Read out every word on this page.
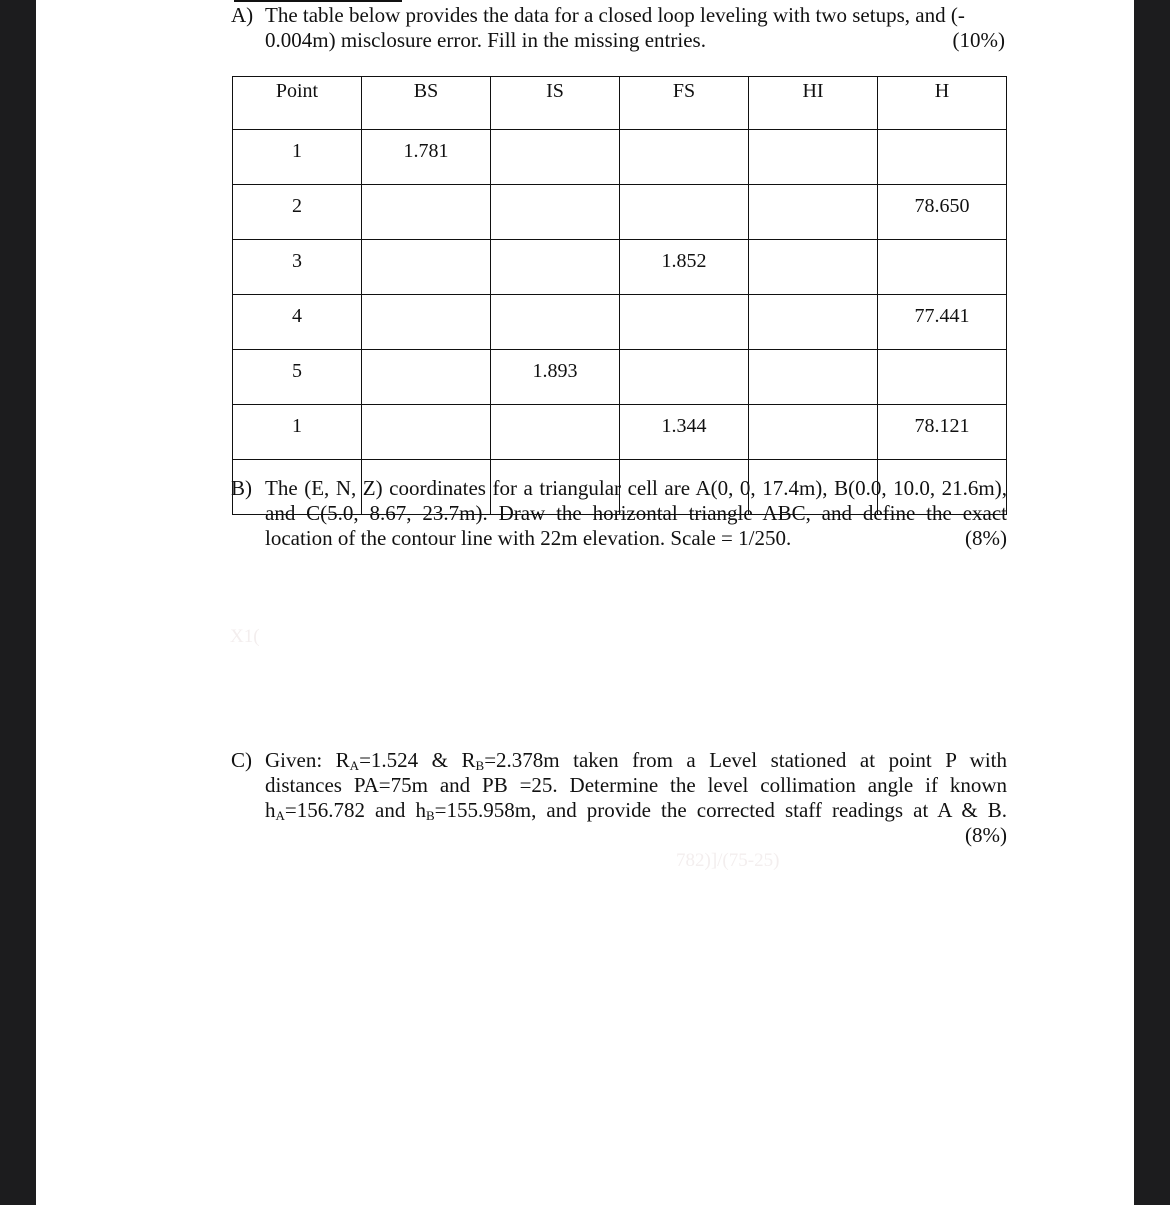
A) The table below provides the data for a closed loop leveling with two setups, and (-
0.004m) misclosure error. Fill in the missing entries.	(10%)
Point	BS	IS	FS	HI	H
1	1.781				
2					78.650
3			1.852		
4					77.441
5		1.893			
1			1.344		78.121

B) The (E, N, Z) coordinates for a triangular cell are A(0, 0, 17.4m), B(0.0, 10.0, 21.6m),
and C(5.0, 8.67, 23.7m). Draw the horizontal triangle ABC, and define the exact
location of the contour line with 22m elevation. Scale = 1/250.	(8%)
X1(
C) Given: $R_A=1.524$ & $R_B=2.378m$ taken from a Level stationed at point P with
distances PA=75m and PB =25. Determine the level collimation angle if known
$h_A=156.782$ and $h_B=155.958m$, and provide the corrected staff readings at A & B.
(8%)
782)]/(75-25)
